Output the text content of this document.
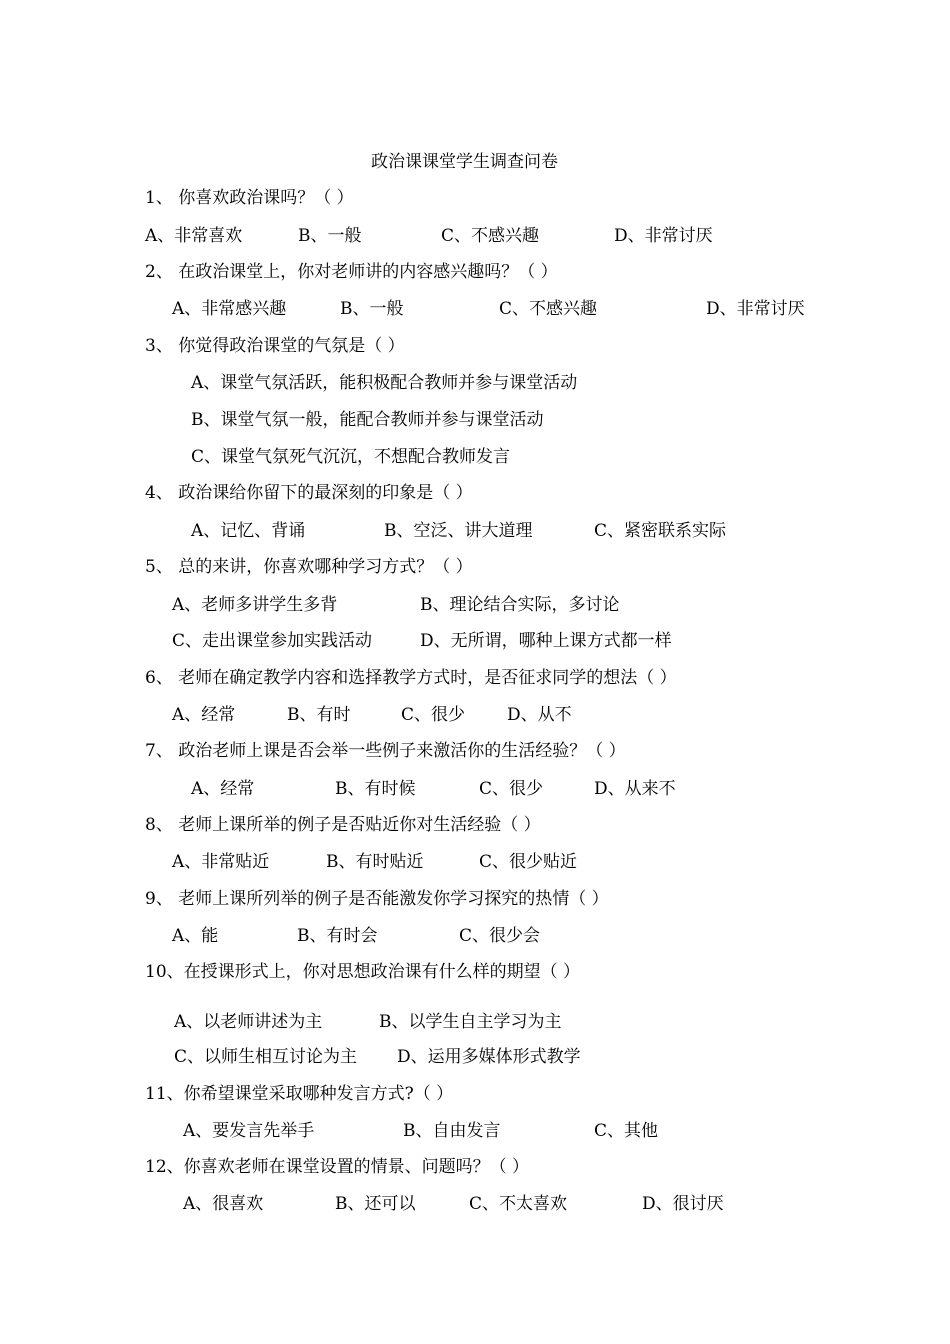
政治课课堂学生调查问卷
1、 你喜欢政治课吗？（ ）
A、非常喜欢	B、一般	C、不感兴趣	D、非常讨厌
2、 在政治课堂上，你对老师讲的内容感兴趣吗？（ ）
A、非常感兴趣	B、一般	C、不感兴趣	D、非常讨厌
3、 你觉得政治课堂的气氛是（ ）
A、课堂气氛活跃，能积极配合教师并参与课堂活动
B、课堂气氛一般，能配合教师并参与课堂活动
C、课堂气氛死气沉沉，不想配合教师发言
4、 政治课给你留下的最深刻的印象是（ ）
A、记忆、背诵	B、空泛、讲大道理	C、紧密联系实际
5、 总的来讲，你喜欢哪种学习方式？（ ）
A、老师多讲学生多背	B、理论结合实际，多讨论
C、走出课堂参加实践活动	D、无所谓，哪种上课方式都一样
6、 老师在确定教学内容和选择教学方式时，是否征求同学的想法（ ）
A、经常	B、有时	C、很少 D、从不
7、 政治老师上课是否会举一些例子来激活你的生活经验？（ ）
A、经常	B、有时候	C、很少	D、从来不
8、 老师上课所举的例子是否贴近你对生活经验（ ）
A、非常贴近	B、有时贴近	C、很少贴近
9、 老师上课所列举的例子是否能激发你学习探究的热情（ ）
A、能	B、有时会	C、很少会
10、在授课形式上，你对思想政治课有什么样的期望（ ）
A、以老师讲述为主	B、以学生自主学习为主
C、以师生相互讨论为主 D、运用多媒体形式教学
11、你希望课堂采取哪种发言方式?（ ）
A、要发言先举手	B、自由发言	C、其他
12、你喜欢老师在课堂设置的情景、问题吗？（ ）
A、很喜欢	B、还可以	C、不太喜欢	D、很讨厌
